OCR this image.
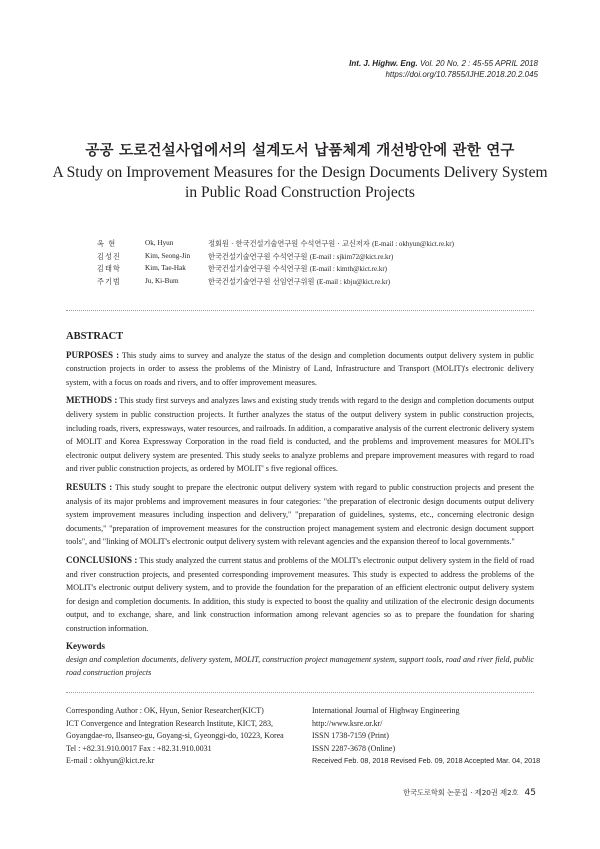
Int. J. Highw. Eng. Vol. 20 No. 2 : 45-55 APRIL 2018
https://doi.org/10.7855/IJHE.2018.20.2.045
공공 도로건설사업에서의 설계도서 납품체계 개선방안에 관한 연구
A Study on Improvement Measures for the Design Documents Delivery System
in Public Road Construction Projects
옥 현	Ok, Hyun	정회원 · 한국건설기술연구원 수석연구원 · 교신저자 (E-mail : okhyun@kict.re.kr)
김성진	Kim, Seong-Jin	한국건설기술연구원 수석연구원 (E-mail : sjkim72@kict.re.kr)
김태학	Kim, Tae-Hak	한국건설기술연구원 수석연구원 (E-mail : kimth@kict.re.kr)
주기범	Ju, Ki-Bum	한국건설기술연구원 선임연구위원 (E-mail : kbju@kict.re.kr)
ABSTRACT

PURPOSES : This study aims to survey and analyze the status of the design and completion documents output delivery system in public construction projects in order to assess the problems of the Ministry of Land, Infrastructure and Transport (MOLIT)'s electronic delivery system, with a focus on roads and rivers, and to offer improvement measures.

METHODS : This study first surveys and analyzes laws and existing study trends with regard to the design and completion documents output delivery system in public construction projects. It further analyzes the status of the output delivery system in public construction projects, including roads, rivers, expressways, water resources, and railroads. In addition, a comparative analysis of the current electronic delivery system of MOLIT and Korea Expressway Corporation in the road field is conducted, and the problems and improvement measures for MOLIT's electronic output delivery system are presented. This study seeks to analyze problems and prepare improvement measures with regard to road and river public construction projects, as ordered by MOLIT' s five regional offices.

RESULTS : This study sought to prepare the electronic output delivery system with regard to public construction projects and present the analysis of its major problems and improvement measures in four categories: "the preparation of electronic design documents output delivery system improvement measures including inspection and delivery," "preparation of guidelines, systems, etc., concerning electronic design documents," "preparation of improvement measures for the construction project management system and electronic design document support tools", and "linking of MOLIT's electronic output delivery system with relevant agencies and the expansion thereof to local governments."

CONCLUSIONS : This study analyzed the current status and problems of the MOLIT's electronic output delivery system in the field of road and river construction projects, and presented corresponding improvement measures. This study is expected to address the problems of the MOLIT's electronic output delivery system, and to provide the foundation for the preparation of an efficient electronic output delivery system for design and completion documents. In addition, this study is expected to boost the quality and utilization of the electronic design documents output, and to exchange, share, and link construction information among relevant agencies so as to prepare the foundation for sharing construction information.

Keywords
design and completion documents, delivery system, MOLIT, construction project management system, support tools, road and river field, public road construction projects
Corresponding Author : OK, Hyun, Senior Researcher(KICT)
ICT Convergence and Integration Research Institute, KICT, 283,
Goyangdae-ro, Ilsanseo-gu, Goyang-si, Gyeonggi-do, 10223, Korea
Tel : +82.31.910.0017 Fax : +82.31.910.0031
E-mail : okhyun@kict.re.kr
International Journal of Highway Engineering
http://www.ksre.or.kr/
ISSN 1738-7159 (Print)
ISSN 2287-3678 (Online)
Received Feb. 08, 2018 Revised Feb. 09, 2018 Accepted Mar. 04, 2018
한국도로학회 논문집 · 제20권 제2호 45
